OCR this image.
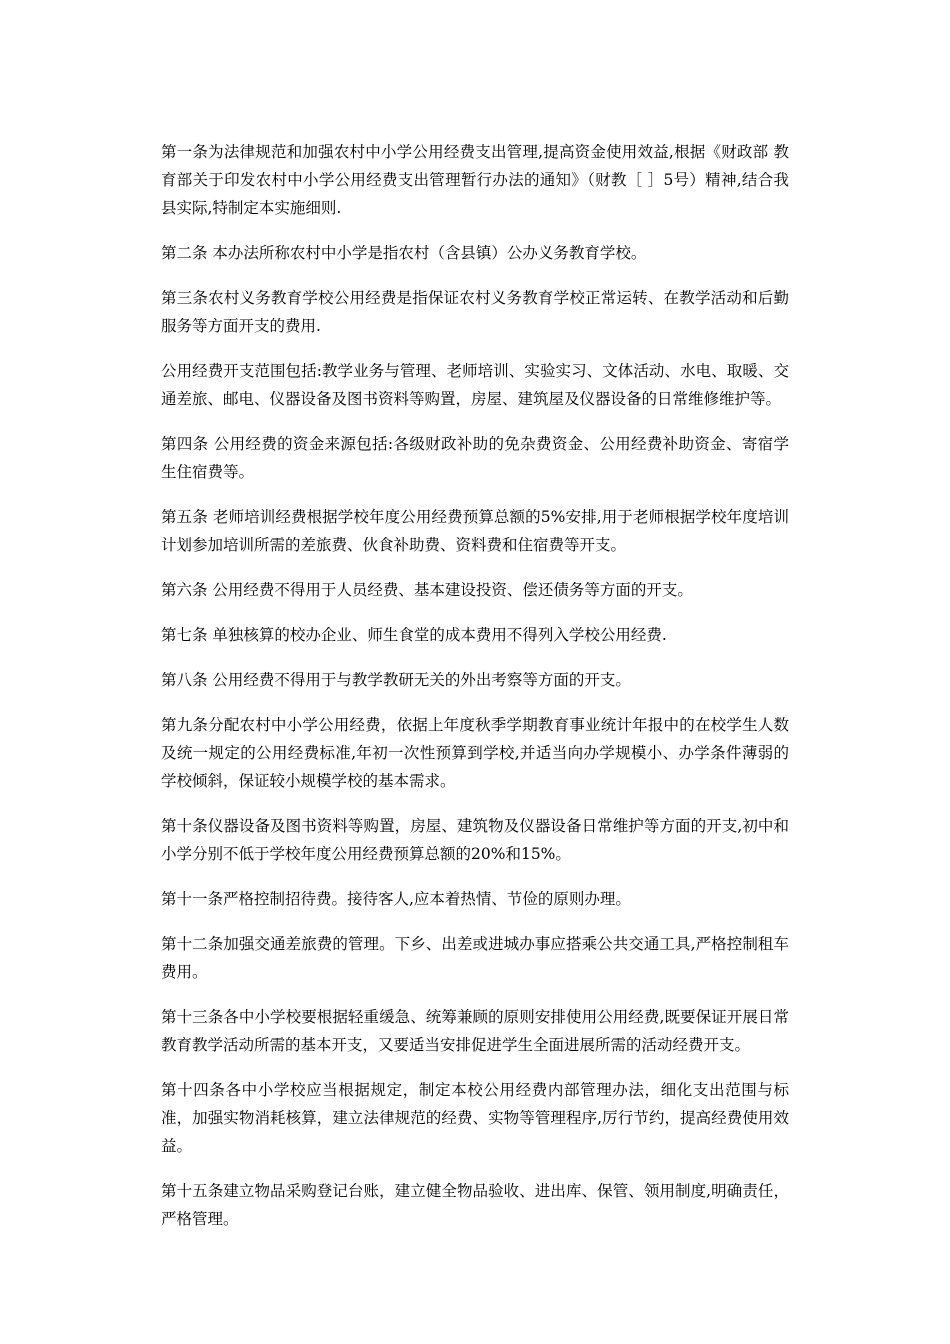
第一条为法律规范和加强农村中小学公用经费支出管理,提高资金使用效益,根据《财政部 教育部关于印发农村中小学公用经费支出管理暂行办法的通知》（财教［ ］5号）精神,结合我县实际,特制定本实施细则.

第二条 本办法所称农村中小学是指农村（含县镇）公办义务教育学校。

第三条农村义务教育学校公用经费是指保证农村义务教育学校正常运转、在教学活动和后勤服务等方面开支的费用.

公用经费开支范围包括:教学业务与管理、老师培训、实验实习、文体活动、水电、取暖、交通差旅、邮电、仪器设备及图书资料等购置，房屋、建筑屋及仪器设备的日常维修维护等。

第四条 公用经费的资金来源包括:各级财政补助的免杂费资金、公用经费补助资金、寄宿学生住宿费等。

第五条 老师培训经费根据学校年度公用经费预算总额的5%安排,用于老师根据学校年度培训计划参加培训所需的差旅费、伙食补助费、资料费和住宿费等开支。

第六条 公用经费不得用于人员经费、基本建设投资、偿还债务等方面的开支。

第七条 单独核算的校办企业、师生食堂的成本费用不得列入学校公用经费.

第八条 公用经费不得用于与教学教研无关的外出考察等方面的开支。

第九条分配农村中小学公用经费，依据上年度秋季学期教育事业统计年报中的在校学生人数及统一规定的公用经费标准,年初一次性预算到学校,并适当向办学规模小、办学条件薄弱的学校倾斜，保证较小规模学校的基本需求。

第十条仪器设备及图书资料等购置，房屋、建筑物及仪器设备日常维护等方面的开支,初中和小学分别不低于学校年度公用经费预算总额的20%和15%。

第十一条严格控制招待费。接待客人,应本着热情、节俭的原则办理。

第十二条加强交通差旅费的管理。下乡、出差或进城办事应搭乘公共交通工具,严格控制租车费用。

第十三条各中小学校要根据轻重缓急、统筹兼顾的原则安排使用公用经费,既要保证开展日常教育教学活动所需的基本开支，又要适当安排促进学生全面进展所需的活动经费开支。

第十四条各中小学校应当根据规定，制定本校公用经费内部管理办法，细化支出范围与标准，加强实物消耗核算，建立法律规范的经费、实物等管理程序,厉行节约，提高经费使用效益。

第十五条建立物品采购登记台账，建立健全物品验收、进出库、保管、领用制度,明确责任，严格管理。
